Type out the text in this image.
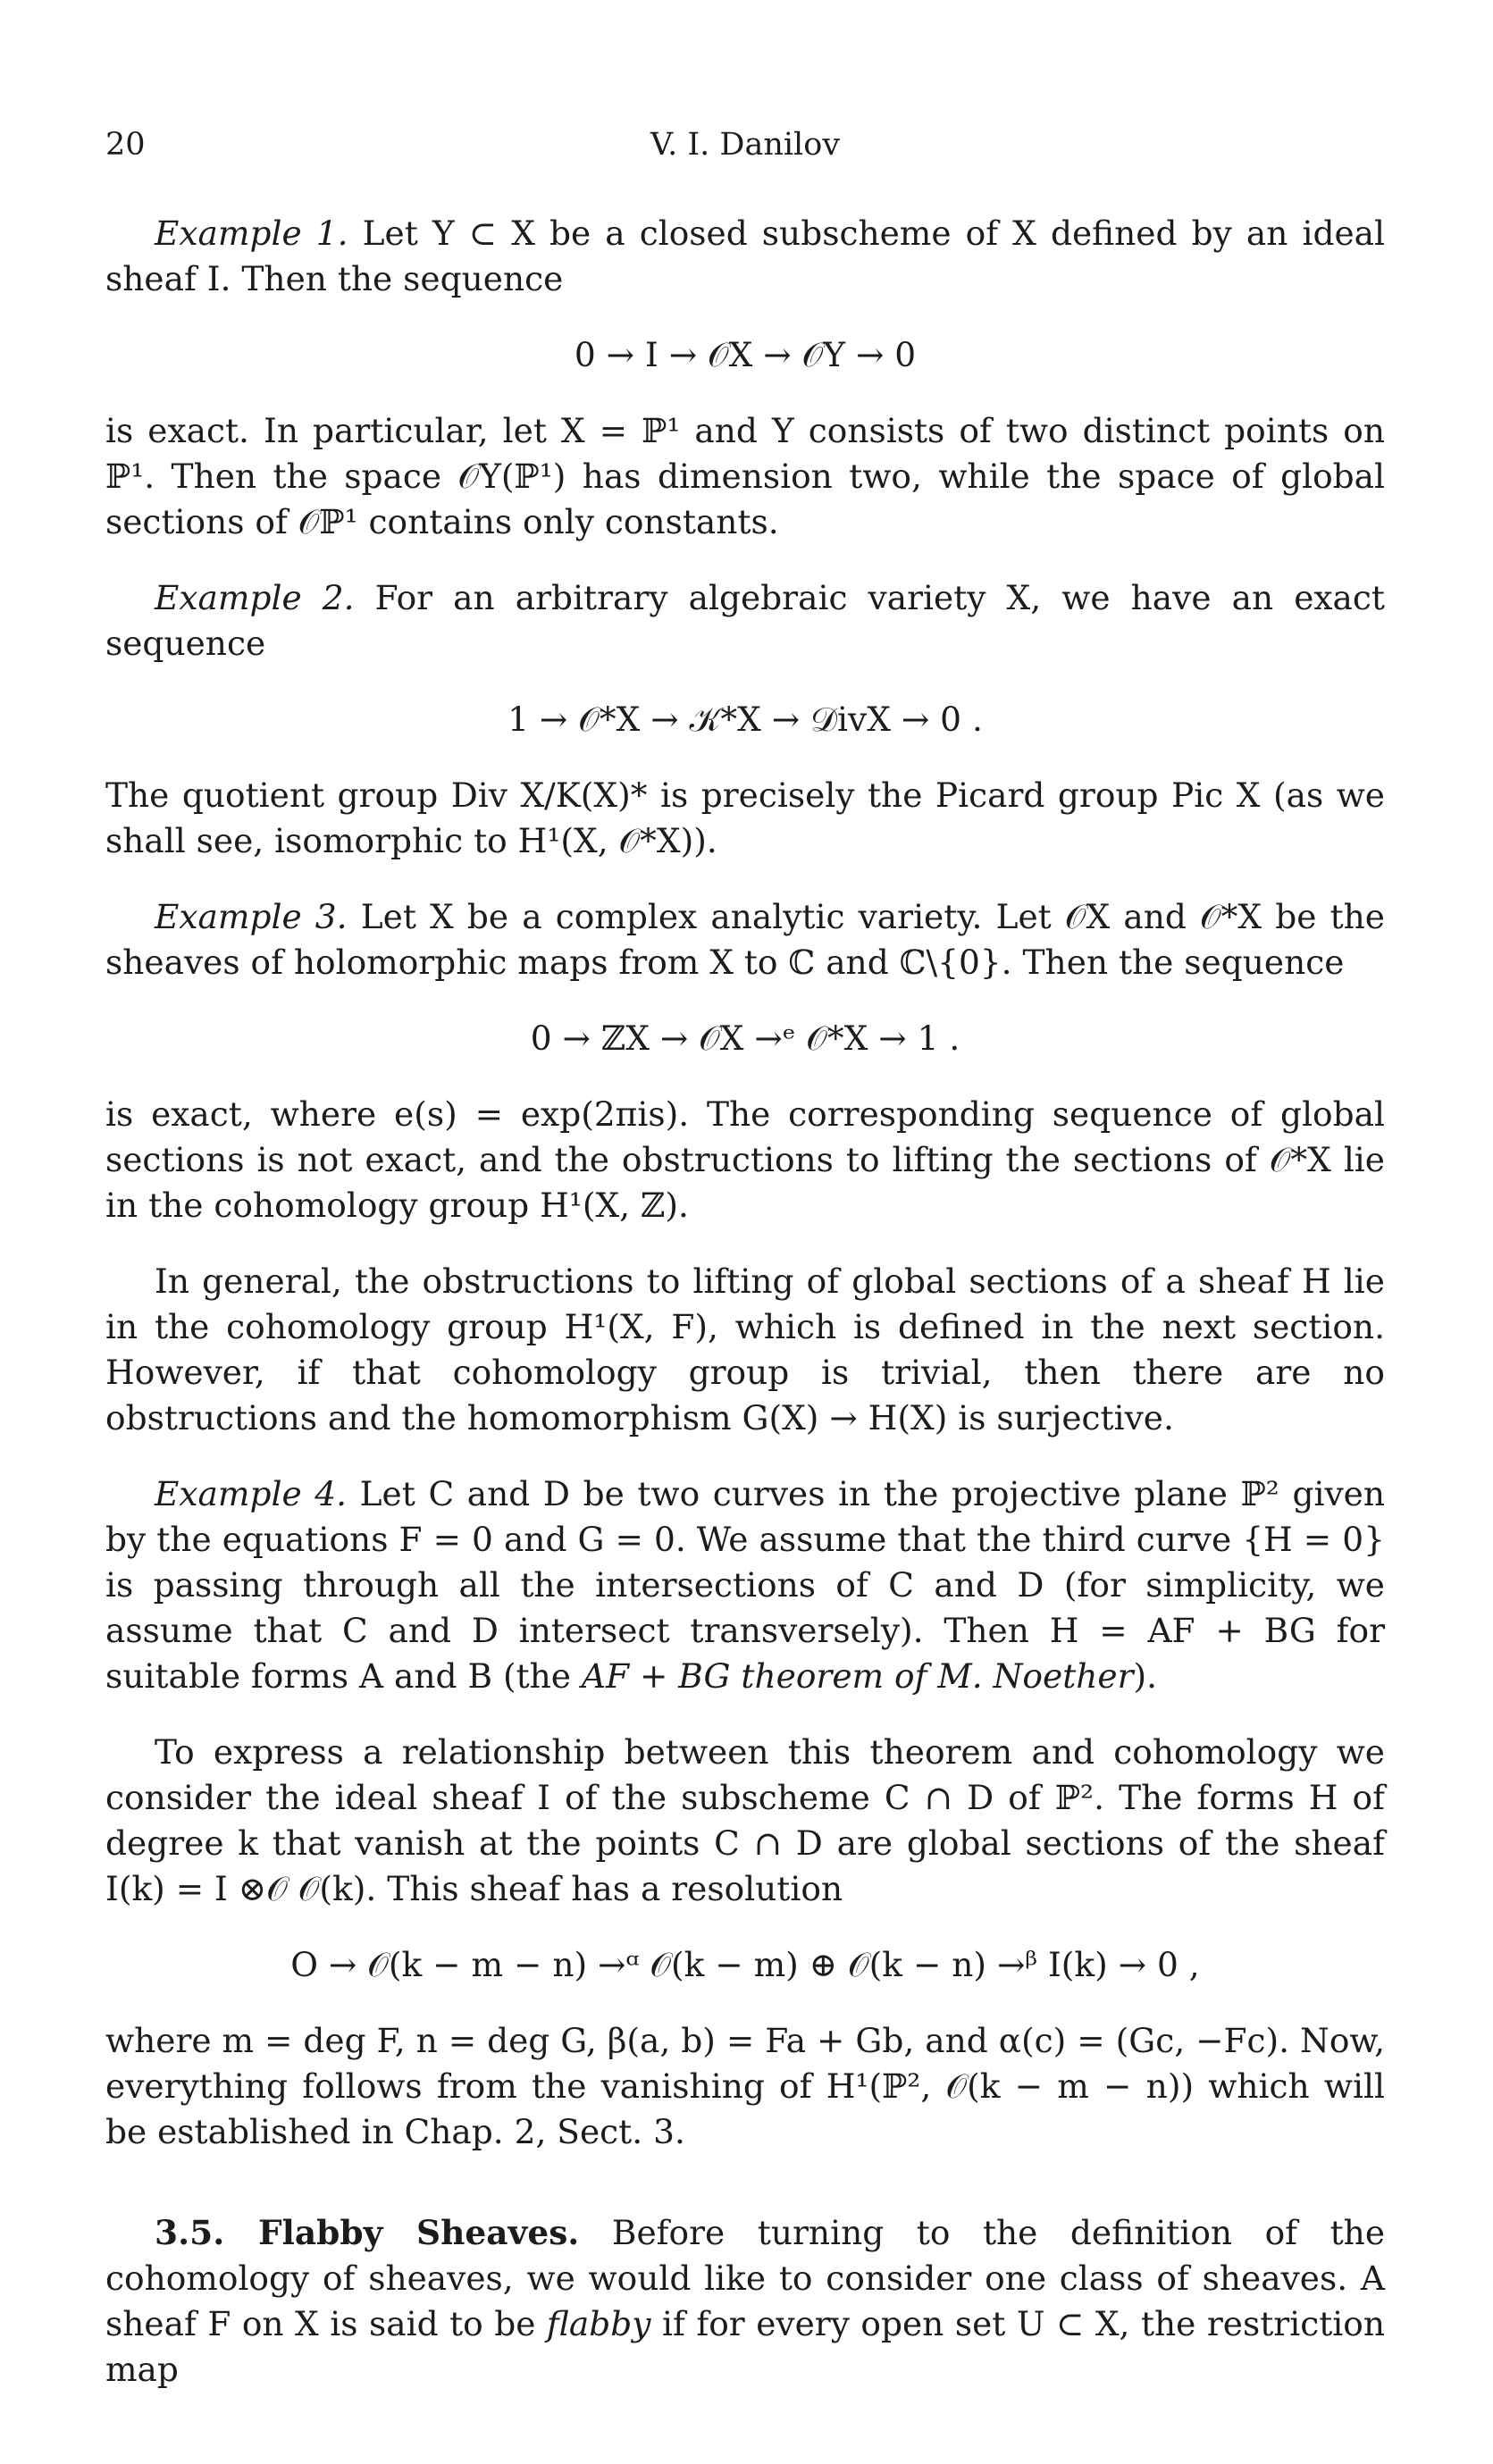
20	V. I. Danilov

Example 1. Let Y ⊂ X be a closed subscheme of X defined by an ideal sheaf I. Then the sequence

0 → I → 𝒪X → 𝒪Y → 0

is exact. In particular, let X = ℙ¹ and Y consists of two distinct points on ℙ¹. Then the space 𝒪Y(ℙ¹) has dimension two, while the space of global sections of 𝒪ℙ¹ contains only constants.

Example 2. For an arbitrary algebraic variety X, we have an exact sequence

1 → 𝒪*X → 𝒦*X → 𝒟ivX → 0 .

The quotient group Div X/K(X)* is precisely the Picard group Pic X (as we shall see, isomorphic to H¹(X, 𝒪*X)).

Example 3. Let X be a complex analytic variety. Let 𝒪X and 𝒪*X be the sheaves of holomorphic maps from X to ℂ and ℂ\{0}. Then the sequence

0 → ℤX → 𝒪X →ᵉ 𝒪*X → 1 .

is exact, where e(s) = exp(2πis). The corresponding sequence of global sections is not exact, and the obstructions to lifting the sections of 𝒪*X lie in the cohomology group H¹(X, ℤ).

In general, the obstructions to lifting of global sections of a sheaf H lie in the cohomology group H¹(X, F), which is defined in the next section. However, if that cohomology group is trivial, then there are no obstructions and the homomorphism G(X) → H(X) is surjective.

Example 4. Let C and D be two curves in the projective plane ℙ² given by the equations F = 0 and G = 0. We assume that the third curve {H = 0} is passing through all the intersections of C and D (for simplicity, we assume that C and D intersect transversely). Then H = AF + BG for suitable forms A and B (the AF + BG theorem of M. Noether).

To express a relationship between this theorem and cohomology we consider the ideal sheaf I of the subscheme C ∩ D of ℙ². The forms H of degree k that vanish at the points C ∩ D are global sections of the sheaf I(k) = I ⊗𝒪 𝒪(k). This sheaf has a resolution

O → 𝒪(k − m − n) →ᵅ 𝒪(k − m) ⊕ 𝒪(k − n) →ᵝ I(k) → 0 ,

where m = deg F, n = deg G, β(a, b) = Fa + Gb, and α(c) = (Gc, −Fc). Now, everything follows from the vanishing of H¹(ℙ², 𝒪(k − m − n)) which will be established in Chap. 2, Sect. 3.

3.5. Flabby Sheaves. Before turning to the definition of the cohomology of sheaves, we would like to consider one class of sheaves. A sheaf F on X is said to be flabby if for every open set U ⊂ X, the restriction map
